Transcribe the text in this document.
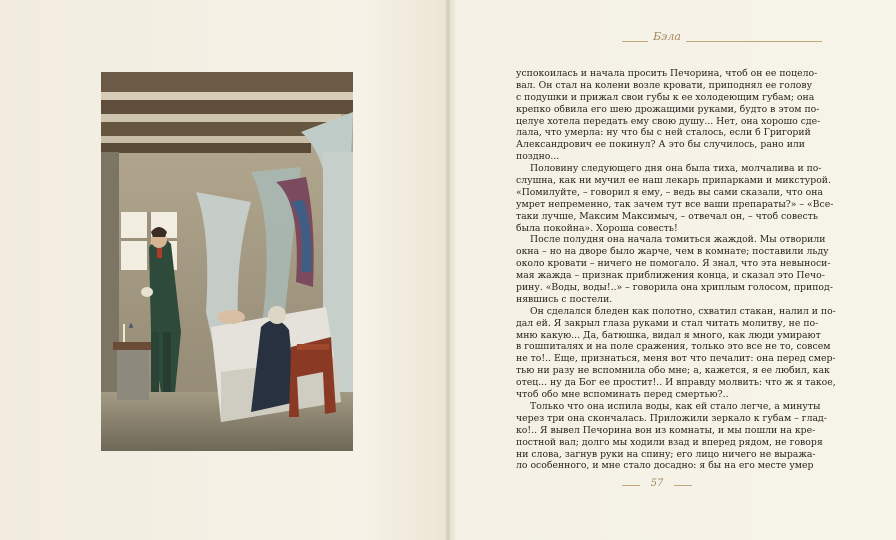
Бэла
успокоилась и начала просить Печорина, чтоб он ее поцело-
вал. Он стал на колени возле кровати, приподнял ее голову
с подушки и прижал свои губы к ее холодеющим губам; она
крепко обвила его шею дрожащими руками, будто в этом по-
целуе хотела передать ему свою душу... Нет, она хорошо сде-
лала, что умерла: ну что бы с ней сталось, если б Григорий
Александрович ее покинул? А это бы случилось, рано или
поздно...
Половину следующего дня она была тиха, молчалива и по-
слушна, как ни мучил ее наш лекарь припарками и микстурой.
«Помилуйте, – говорил я ему, – ведь вы сами сказали, что она
умрет непременно, так зачем тут все ваши препараты?» – «Все-
таки лучше, Максим Максимыч, – отвечал он, – чтоб совесть
была покойна». Хороша совесть!
После полудня она начала томиться жаждой. Мы отворили
окна – но на дворе было жарче, чем в комнате; поставили льду
около кровати – ничего не помогало. Я знал, что эта невыноси-
мая жажда – признак приближения конца, и сказал это Печо-
рину. «Воды, воды!..» – говорила она хриплым голосом, припод-
нявшись с постели.
Он сделался бледен как полотно, схватил стакан, налил и по-
дал ей. Я закрыл глаза руками и стал читать молитву, не по-
мню какую... Да, батюшка, видал я много, как люди умирают
в гошпиталях и на поле сражения, только это все не то, совсем
не то!.. Еще, признаться, меня вот что печалит: она перед смер-
тью ни разу не вспомнила обо мне; а, кажется, я ее любил, как
отец... ну да Бог ее простит!.. И вправду молвить: что ж я такое,
чтоб обо мне вспоминать перед смертью?..
Только что она испила воды, как ей стало легче, а минуты
через три она скончалась. Приложили зеркало к губам – глад-
ко!.. Я вывел Печорина вон из комнаты, и мы пошли на кре-
постной вал; долго мы ходили взад и вперед рядом, не говоря
ни слова, загнув руки на спину; его лицо ничего не выража-
ло особенного, и мне стало досадно: я бы на его месте умер
57
